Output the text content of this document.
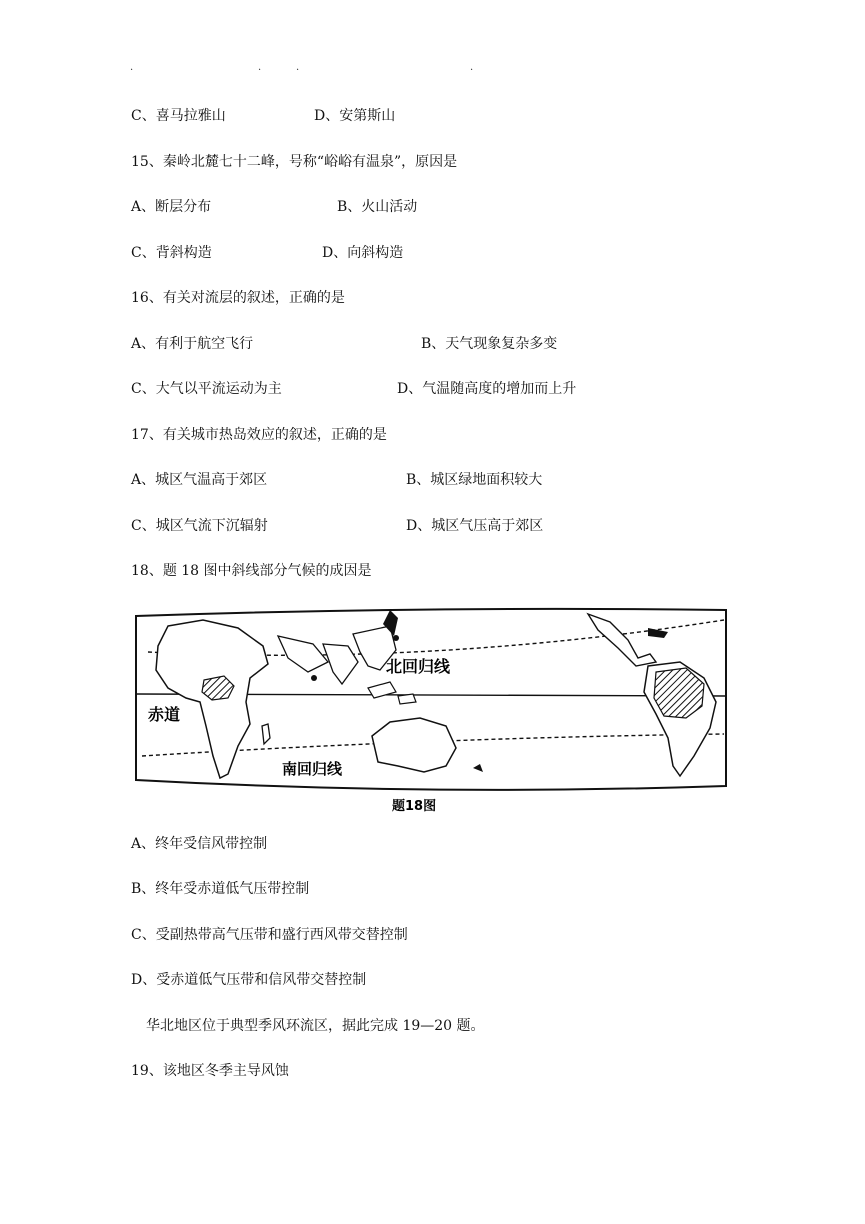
.	.	.	.
C、喜马拉雅山	D、安第斯山
15、秦岭北麓七十二峰，号称“峪峪有温泉”，原因是
A、断层分布	B、火山活动
C、背斜构造	D、向斜构造
16、有关对流层的叙述，正确的是
A、有利于航空飞行	B、天气现象复杂多变
C、大气以平流运动为主	D、气温随高度的增加而上升
17、有关城市热岛效应的叙述，正确的是
A、城区气温高于郊区	B、城区绿地面积较大
C、城区气流下沉辐射	D、城区气压高于郊区
18、题 18 图中斜线部分气候的成因是
北回归线
赤道
南回归线
题18图
A、终年受信风带控制
B、终年受赤道低气压带控制
C、受副热带高气压带和盛行西风带交替控制
D、受赤道低气压带和信风带交替控制
华北地区位于典型季风环流区，据此完成 19—20 题。
19、该地区冬季主导风蚀
